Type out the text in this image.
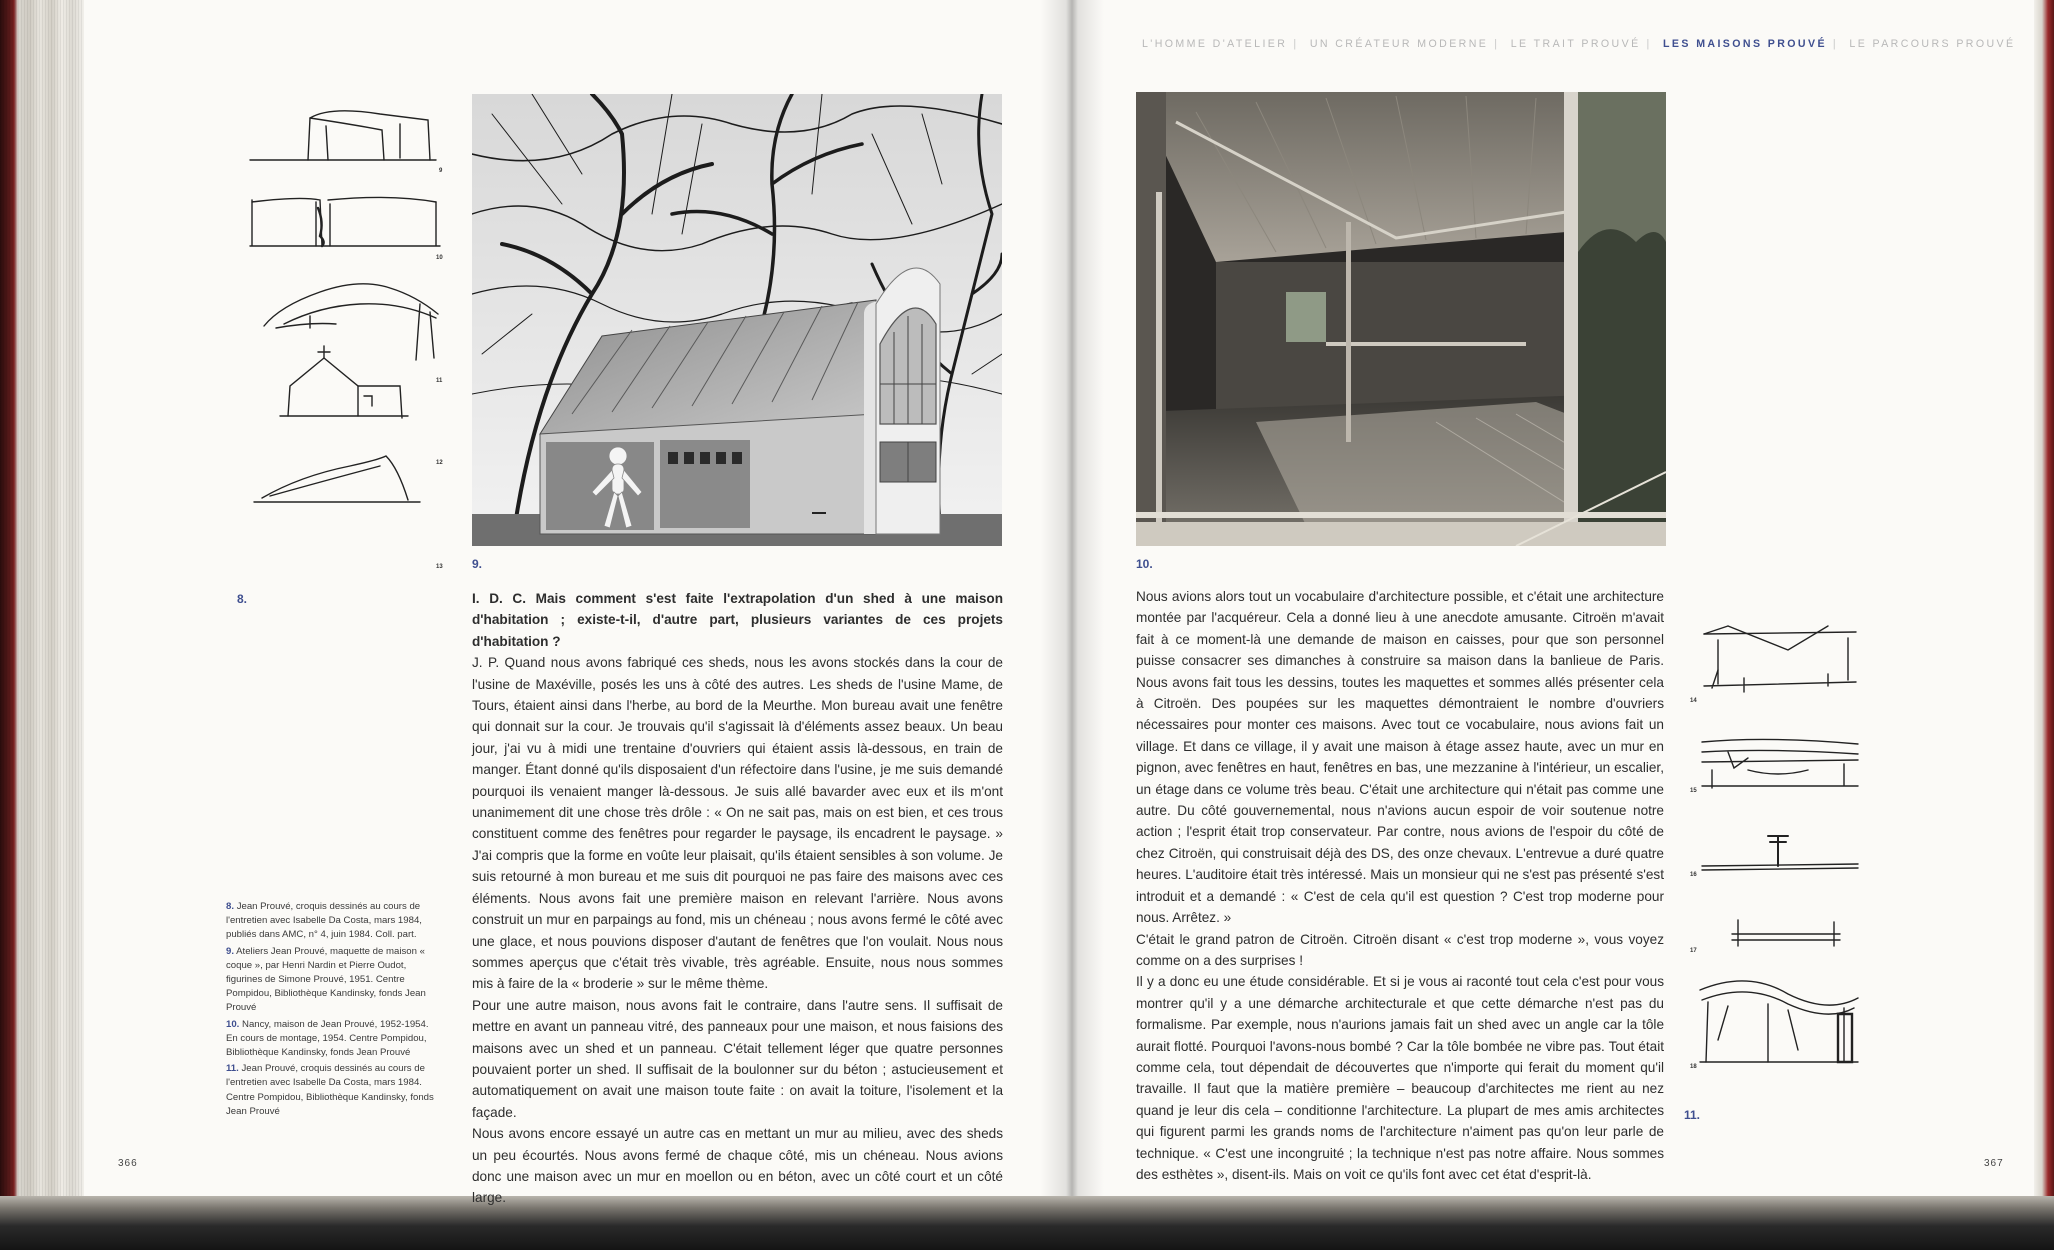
9
10
11
12
13
8.
9.

I. D. C. Mais comment s'est faite l'extrapolation d'un shed à une maison d'habitation ; existe-t-il, d'autre part, plusieurs variantes de ces projets d'habitation ?

J. P. Quand nous avons fabriqué ces sheds, nous les avons stockés dans la cour de l'usine de Maxéville, posés les uns à côté des autres. Les sheds de l'usine Mame, de Tours, étaient ainsi dans l'herbe, au bord de la Meurthe. Mon bureau avait une fenêtre qui donnait sur la cour. Je trouvais qu'il s'agissait là d'éléments assez beaux. Un beau jour, j'ai vu à midi une trentaine d'ouvriers qui étaient assis là-dessous, en train de manger. Étant donné qu'ils disposaient d'un réfectoire dans l'usine, je me suis demandé pourquoi ils venaient manger là-dessous. Je suis allé bavarder avec eux et ils m'ont unanimement dit une chose très drôle : « On ne sait pas, mais on est bien, et ces trous constituent comme des fenêtres pour regarder le paysage, ils encadrent le paysage. » J'ai compris que la forme en voûte leur plaisait, qu'ils étaient sensibles à son volume. Je suis retourné à mon bureau et me suis dit pourquoi ne pas faire des maisons avec ces éléments. Nous avons fait une première maison en relevant l'arrière. Nous avons construit un mur en parpaings au fond, mis un chéneau ; nous avons fermé le côté avec une glace, et nous pouvions disposer d'autant de fenêtres que l'on voulait. Nous nous sommes aperçus que c'était très vivable, très agréable. Ensuite, nous nous sommes mis à faire de la « broderie » sur le même thème.

Pour une autre maison, nous avons fait le contraire, dans l'autre sens. Il suffisait de mettre en avant un panneau vitré, des panneaux pour une maison, et nous faisions des maisons avec un shed et un panneau. C'était tellement léger que quatre personnes pouvaient porter un shed. Il suffisait de la boulonner sur du béton ; astucieusement et automatiquement on avait une maison toute faite : on avait la toiture, l'isolement et la façade.

Nous avons encore essayé un autre cas en mettant un mur au milieu, avec des sheds un peu écourtés. Nous avons fermé de chaque côté, mis un chéneau. Nous avions donc une maison avec un mur en moellon ou en béton, avec un côté court et un côté large.

8. Jean Prouvé, croquis dessinés au cours de l'entretien avec Isabelle Da Costa, mars 1984, publiés dans AMC, n° 4, juin 1984. Coll. part.

9. Ateliers Jean Prouvé, maquette de maison « coque », par Henri Nardin et Pierre Oudot, figurines de Simone Prouvé, 1951. Centre Pompidou, Bibliothèque Kandinsky, fonds Jean Prouvé

10. Nancy, maison de Jean Prouvé, 1952-1954. En cours de montage, 1954. Centre Pompidou, Bibliothèque Kandinsky, fonds Jean Prouvé

11. Jean Prouvé, croquis dessinés au cours de l'entretien avec Isabelle Da Costa, mars 1984. Centre Pompidou, Bibliothèque Kandinsky, fonds Jean Prouvé

366
L'HOMME D'ATELIER | UN CRÉATEUR MODERNE | LE TRAIT PROUVÉ | LES MAISONS PROUVÉ | LE PARCOURS PROUVÉ
10.

Nous avions alors tout un vocabulaire d'architecture possible, et c'était une architecture montée par l'acquéreur. Cela a donné lieu à une anecdote amusante. Citroën m'avait fait à ce moment-là une demande de maison en caisses, pour que son personnel puisse consacrer ses dimanches à construire sa maison dans la banlieue de Paris. Nous avons fait tous les dessins, toutes les maquettes et sommes allés présenter cela à Citroën. Des poupées sur les maquettes démontraient le nombre d'ouvriers nécessaires pour monter ces maisons. Avec tout ce vocabulaire, nous avions fait un village. Et dans ce village, il y avait une maison à étage assez haute, avec un mur en pignon, avec fenêtres en haut, fenêtres en bas, une mezzanine à l'intérieur, un escalier, un étage dans ce volume très beau. C'était une architecture qui n'était pas comme une autre. Du côté gouvernemental, nous n'avions aucun espoir de voir soutenue notre action ; l'esprit était trop conservateur. Par contre, nous avions de l'espoir du côté de chez Citroën, qui construisait déjà des DS, des onze chevaux. L'entrevue a duré quatre heures. L'auditoire était très intéressé. Mais un monsieur qui ne s'est pas présenté s'est introduit et a demandé : « C'est de cela qu'il est question ? C'est trop moderne pour nous. Arrêtez. »

C'était le grand patron de Citroën. Citroën disant « c'est trop moderne », vous voyez comme on a des surprises !

Il y a donc eu une étude considérable. Et si je vous ai raconté tout cela c'est pour vous montrer qu'il y a une démarche architecturale et que cette démarche n'est pas du formalisme. Par exemple, nous n'aurions jamais fait un shed avec un angle car la tôle aurait flotté. Pourquoi l'avons-nous bombé ? Car la tôle bombée ne vibre pas. Tout était comme cela, tout dépendait de découvertes que n'importe qui ferait du moment qu'il travaille. Il faut que la matière première – beaucoup d'architectes me rient au nez quand je leur dis cela – conditionne l'architecture. La plupart de mes amis architectes qui figurent parmi les grands noms de l'architecture n'aiment pas qu'on leur parle de technique. « C'est une incongruité ; la technique n'est pas notre affaire. Nous sommes des esthètes », disent-ils. Mais on voit ce qu'ils font avec cet état d'esprit-là.

14
15
16
17
18
11.
367
